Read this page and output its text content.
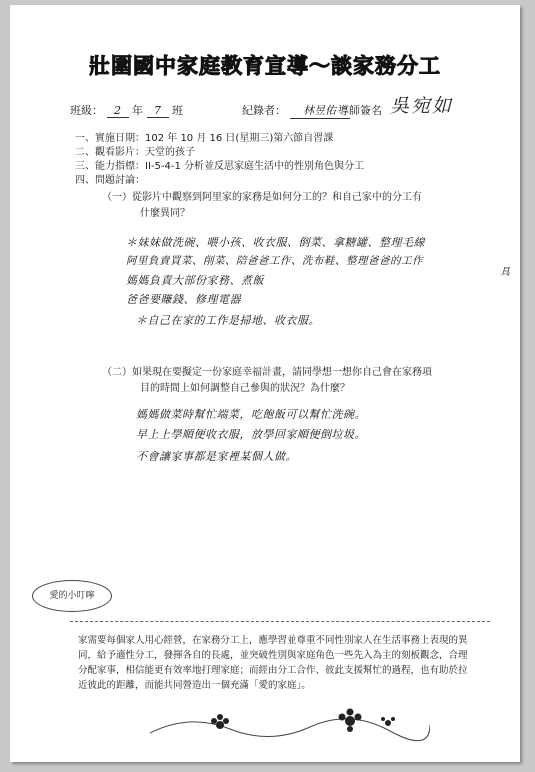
壯圍國中家庭教育宣導～談家務分工
班級： 2 年 7 班	紀錄者： 林昱佑 導師簽名 吳宛如
一、實施日期：102 年 10 月 16 日(星期三)第六節自習課
二、觀看影片：天堂的孩子
三、能力指標：II-5-4-1 分析並反思家庭生活中的性別角色與分工
四、問題討論：
（一）從影片中觀察到阿里家的家務是如何分工的？和自己家中的分工有
什麼異同？
＊妹妹做洗碗、喂小孩、收衣服、倒菜、拿糖罐、整理毛線
阿里負責買菜、削菜、陪爸爸工作、洗布鞋、整理爸爸的工作
具
媽媽負責大部份家務、煮飯
爸爸要賺錢、修理電器
＊自己在家的工作是掃地、收衣服。
（二）如果現在要擬定一份家庭幸福計畫，請同學想一想你自己會在家務項
目的時間上如何調整自己參與的狀況？為什麼？
媽媽做菜時幫忙端菜，吃飽飯可以幫忙洗碗。
早上上學順便收衣服，放學回家順便倒垃圾。
不會讓家事都是家裡某個人做。
愛的小叮嚀
家需要每個家人用心經營，在家務分工上，應學習並尊重不同性別家人在生活事務上表現的異同，給予適性分工，發揮各自的長處，並突破性別與家庭角色一些先入為主的刻板觀念，合理分配家事，相信能更有效率地打理家庭；而經由分工合作、彼此支援幫忙的過程，也有助於拉近彼此的距離，而能共同營造出一個充滿「愛的家庭」。
